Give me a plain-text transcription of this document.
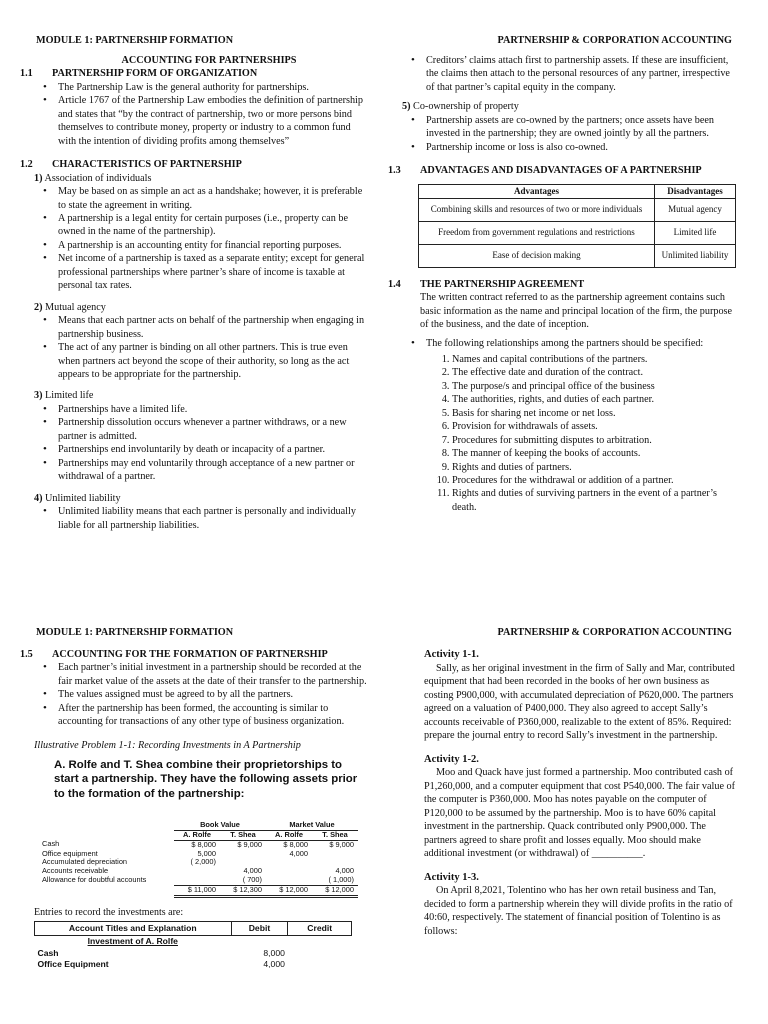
MODULE 1: PARTNERSHIP FORMATION	PARTNERSHIP & CORPORATION ACCOUNTING
ACCOUNTING FOR PARTNERSHIPS
1.1	PARTNERSHIP FORM OF ORGANIZATION
• The Partnership Law is the general authority for partnerships.
• Article 1767 of the Partnership Law embodies the definition of partnership and states that “by the contract of partnership, two or more persons bind themselves to contribute money, property or industry to a common fund with the intention of dividing profits among themselves”
1.2	CHARACTERISTICS OF PARTNERSHIP
1) Association of individuals
• May be based on as simple an act as a handshake; however, it is preferable to state the agreement in writing.
• A partnership is a legal entity for certain purposes (i.e., property can be owned in the name of the partnership).
• A partnership is an accounting entity for financial reporting purposes.
• Net income of a partnership is taxed as a separate entity; except for general professional partnerships where partner’s share of income is taxable at personal tax rates.
2) Mutual agency
• Means that each partner acts on behalf of the partnership when engaging in partnership business.
• The act of any partner is binding on all other partners. This is true even when partners act beyond the scope of their authority, so long as the act appears to be appropriate for the partnership.
3) Limited life
• Partnerships have a limited life.
• Partnership dissolution occurs whenever a partner withdraws, or a new partner is admitted.
• Partnerships end involuntarily by death or incapacity of a partner.
• Partnerships may end voluntarily through acceptance of a new partner or withdrawal of a partner.
4) Unlimited liability
• Unlimited liability means that each partner is personally and individually liable for all partnership liabilities.
• Creditors’ claims attach first to partnership assets. If these are insufficient, the claims then attach to the personal resources of any partner, irrespective of that partner’s capital equity in the company.
5) Co-ownership of property
• Partnership assets are co-owned by the partners; once assets have been invested in the partnership; they are owned jointly by all the partners.
• Partnership income or loss is also co-owned.
1.3	ADVANTAGES AND DISADVANTAGES OF A PARTNERSHIP
Advantages	Disadvantages
Combining skills and resources of two or more individuals	Mutual agency
Freedom from government regulations and restrictions	Limited life
Ease of decision making	Unlimited liability
1.4	THE PARTNERSHIP AGREEMENT
The written contract referred to as the partnership agreement contains such basic information as the name and principal location of the firm, the purpose of the business, and the date of inception.
• The following relationships among the partners should be specified:
1. Names and capital contributions of the partners.
2. The effective date and duration of the contract.
3. The purpose/s and principal office of the business
4. The authorities, rights, and duties of each partner.
5. Basis for sharing net income or net loss.
6. Provision for withdrawals of assets.
7. Procedures for submitting disputes to arbitration.
8. The manner of keeping the books of accounts.
9. Rights and duties of partners.
10. Procedures for the withdrawal or addition of a partner.
11. Rights and duties of surviving partners in the event of a partner’s death.
MODULE 1: PARTNERSHIP FORMATION	PARTNERSHIP & CORPORATION ACCOUNTING
1.5	ACCOUNTING FOR THE FORMATION OF PARTNERSHIP
• Each partner’s initial investment in a partnership should be recorded at the fair market value of the assets at the date of their transfer to the partnership.
• The values assigned must be agreed to by all the partners.
• After the partnership has been formed, the accounting is similar to accounting for transactions of any other type of business organization.
Illustrative Problem 1-1: Recording Investments in A Partnership
A. Rolfe and T. Shea combine their proprietorships to start a partnership. They have the following assets prior to the formation of the partnership:
	Book Value		Market Value	
	A. Rolfe	T. Shea	A. Rolfe	T. Shea
Cash	$ 8,000	$ 9,000	$ 8,000	$ 9,000
Office equipment	5,000		4,000	
Accumulated depreciation	( 2,000)			
Accounts receivable		4,000		4,000
Allowance for doubtful accounts		( 700)		( 1,000)
	$ 11,000	$ 12,300	$ 12,000	$ 12,000
Entries to record the investments are:
Account Titles and Explanation	Debit	Credit
Investment of A. Rolfe		
Cash	8,000	
Office Equipment	4,000	
Activity 1-1.
Sally, as her original investment in the firm of Sally and Mar, contributed equipment that had been recorded in the books of her own business as costing P900,000, with accumulated depreciation of P620,000. The partners agreed on a valuation of P400,000. They also agreed to accept Sally’s accounts receivable of P360,000, realizable to the extent of 85%. Required: prepare the journal entry to record Sally’s investment in the partnership.
Activity 1-2.
Moo and Quack have just formed a partnership. Moo contributed cash of P1,260,000, and a computer equipment that cost P540,000. The fair value of the computer is P360,000. Moo has notes payable on the computer of P120,000 to be assumed by the partnership. Moo is to have 60% capital investment in the partnership. Quack contributed only P900,000. The partners agreed to share profit and losses equally. Moo should make additional investment (or withdrawal) of __________.
Activity 1-3.
On April 8,2021, Tolentino who has her own retail business and Tan, decided to form a partnership wherein they will divide profits in the ratio of 40:60, respectively. The statement of financial position of Tolentino is as follows:
